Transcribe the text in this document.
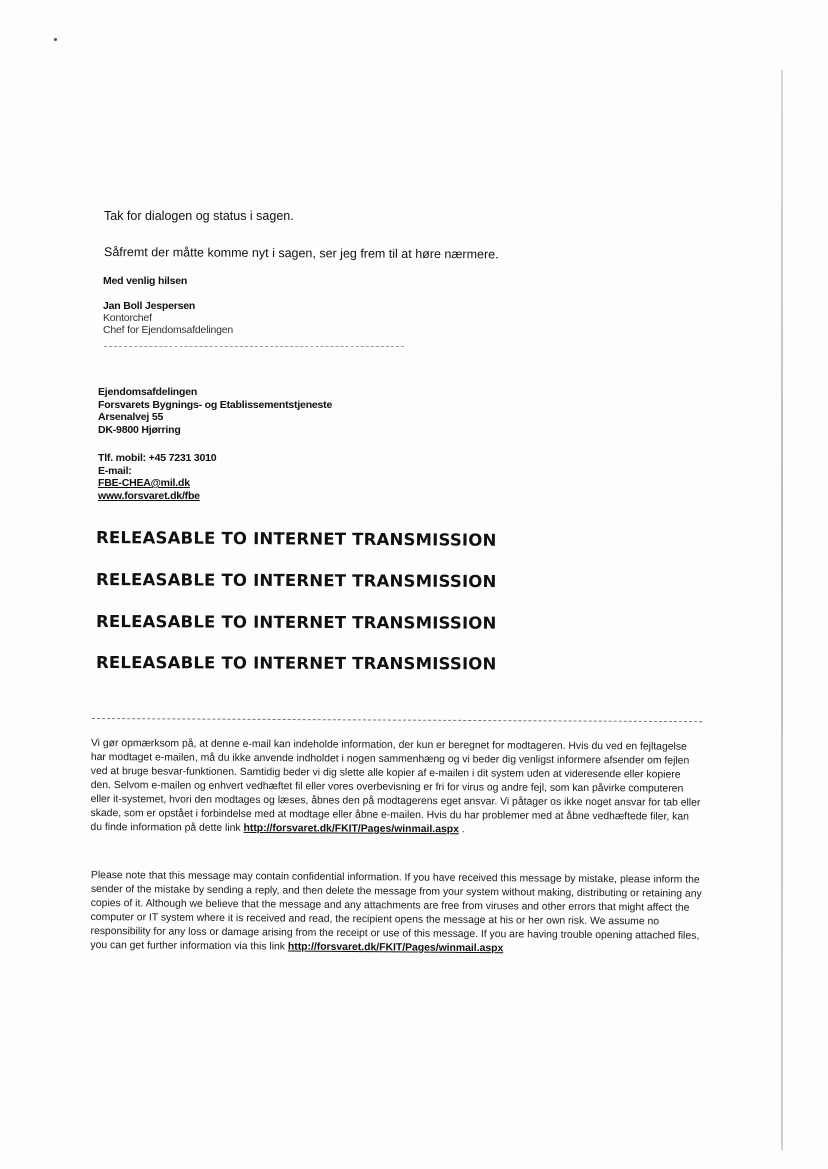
Tak for dialogen og status i sagen.
Såfremt der måtte komme nyt i sagen, ser jeg frem til at høre nærmere.
Med venlig hilsen
Jan Boll Jespersen
Kontorchef
Chef for Ejendomsafdelingen
Ejendomsafdelingen
Forsvarets Bygnings- og Etablissementstjeneste
Arsenalvej 55
DK-9800 Hjørring
Tlf. mobil: +45 7231 3010
E-mail:
FBE-CHEA@mil.dk
www.forsvaret.dk/fbe
RELEASABLE TO INTERNET TRANSMISSION
RELEASABLE TO INTERNET TRANSMISSION
RELEASABLE TO INTERNET TRANSMISSION
RELEASABLE TO INTERNET TRANSMISSION
Vi gør opmærksom på, at denne e-mail kan indeholde information, der kun er beregnet for modtageren. Hvis du ved en fejltagelse har modtaget e-mailen, må du ikke anvende indholdet i nogen sammenhæng og vi beder dig venligst informere afsender om fejlen ved at bruge besvar-funktionen. Samtidig beder vi dig slette alle kopier af e-mailen i dit system uden at videresende eller kopiere den. Selvom e-mailen og enhvert vedhæftet fil eller vores overbevisning er fri for virus og andre fejl, som kan påvirke computeren eller it-systemet, hvori den modtages og læses, åbnes den på modtagerens eget ansvar. Vi påtager os ikke noget ansvar for tab eller skade, som er opstået i forbindelse med at modtage eller åbne e-mailen. Hvis du har problemer med at åbne vedhæftede filer, kan du finde information på dette link http://forsvaret.dk/FKIT/Pages/winmail.aspx .
Please note that this message may contain confidential information. If you have received this message by mistake, please inform the sender of the mistake by sending a reply, and then delete the message from your system without making, distributing or retaining any copies of it. Although we believe that the message and any attachments are free from viruses and other errors that might affect the computer or IT system where it is received and read, the recipient opens the message at his or her own risk. We assume no responsibility for any loss or damage arising from the receipt or use of this message. If you are having trouble opening attached files, you can get further information via this link http://forsvaret.dk/FKIT/Pages/winmail.aspx
